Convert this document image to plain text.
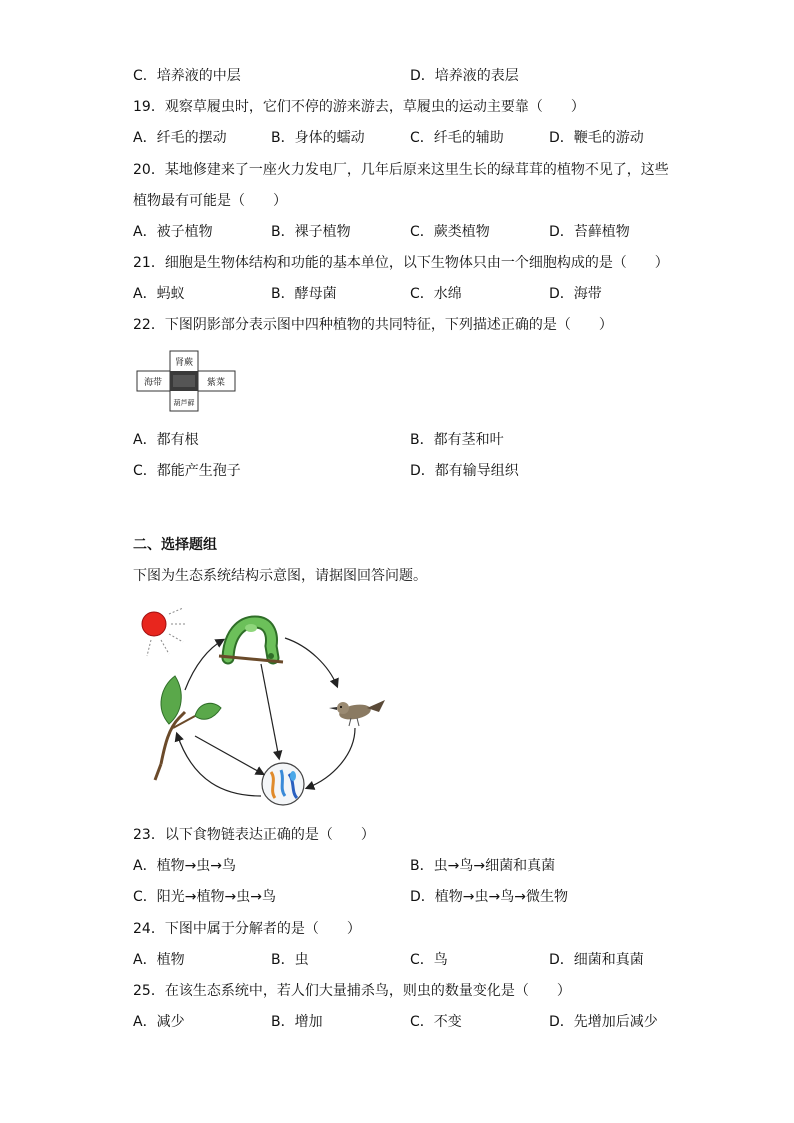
C．培养液的中层	D．培养液的表层
19．观察草履虫时，它们不停的游来游去，草履虫的运动主要靠（　　）
A．纤毛的摆动	B．身体的蠕动	C．纤毛的辅助	D．鞭毛的游动
20．某地修建来了一座火力发电厂，几年后原来这里生长的绿茸茸的植物不见了，这些
植物最有可能是（　　）
A．被子植物	B．裸子植物	C．蕨类植物	D．苔藓植物
21．细胞是生物体结构和功能的基本单位，以下生物体只由一个细胞构成的是（　　）
A．蚂蚁	B．酵母菌	C．水绵	D．海带
22．下图阴影部分表示图中四种植物的共同特征，下列描述正确的是（　　）
肾蕨
海带	紫菜
葫芦藓
A．都有根	B．都有茎和叶
C．都能产生孢子	D．都有输导组织
二、选择题组
下图为生态系统结构示意图，请据图回答问题。
23．以下食物链表达正确的是（　　）
A．植物→虫→鸟	B．虫→鸟→细菌和真菌
C．阳光→植物→虫→鸟	D．植物→虫→鸟→微生物
24．下图中属于分解者的是（　　）
A．植物	B．虫	C．鸟	D．细菌和真菌
25．在该生态系统中，若人们大量捕杀鸟，则虫的数量变化是（　　）
A．减少	B．增加	C．不变	D．先增加后减少
